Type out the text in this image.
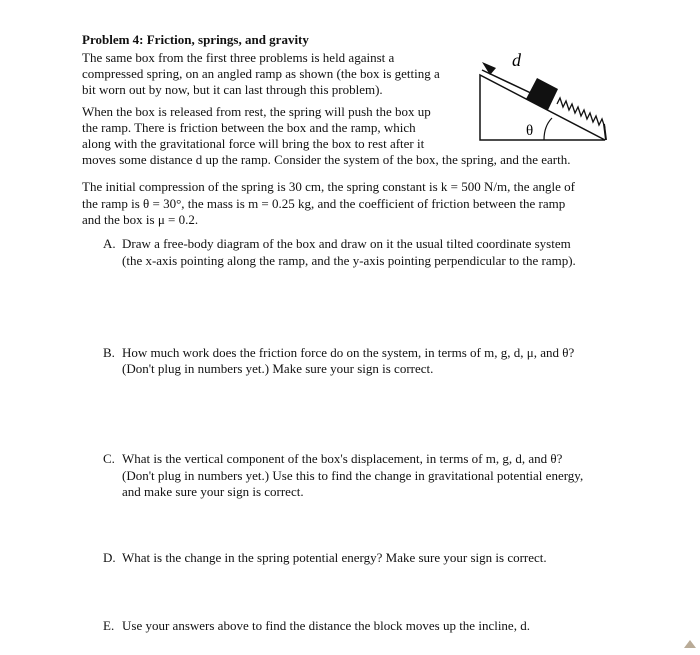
Problem 4: Friction, springs, and gravity
The same box from the first three problems is held against a
compressed spring, on an angled ramp as shown (the box is getting a
bit worn out by now, but it can last through this problem).
When the box is released from rest, the spring will push the box up
the ramp. There is friction between the box and the ramp, which
along with the gravitational force will bring the box to rest after it
moves some distance d up the ramp. Consider the system of the box, the spring, and the earth.
The initial compression of the spring is 30 cm, the spring constant is k = 500 N/m, the angle of
the ramp is θ = 30°, the mass is m = 0.25 kg, and the coefficient of friction between the ramp
and the box is μ = 0.2.
d
θ
A. Draw a free-body diagram of the box and draw on it the usual tilted coordinate system
(the x-axis pointing along the ramp, and the y-axis pointing perpendicular to the ramp).
B. How much work does the friction force do on the system, in terms of m, g, d, μ, and θ?
(Don't plug in numbers yet.) Make sure your sign is correct.
C. What is the vertical component of the box's displacement, in terms of m, g, d, and θ?
(Don't plug in numbers yet.) Use this to find the change in gravitational potential energy,
and make sure your sign is correct.
D. What is the change in the spring potential energy? Make sure your sign is correct.
E. Use your answers above to find the distance the block moves up the incline, d.
